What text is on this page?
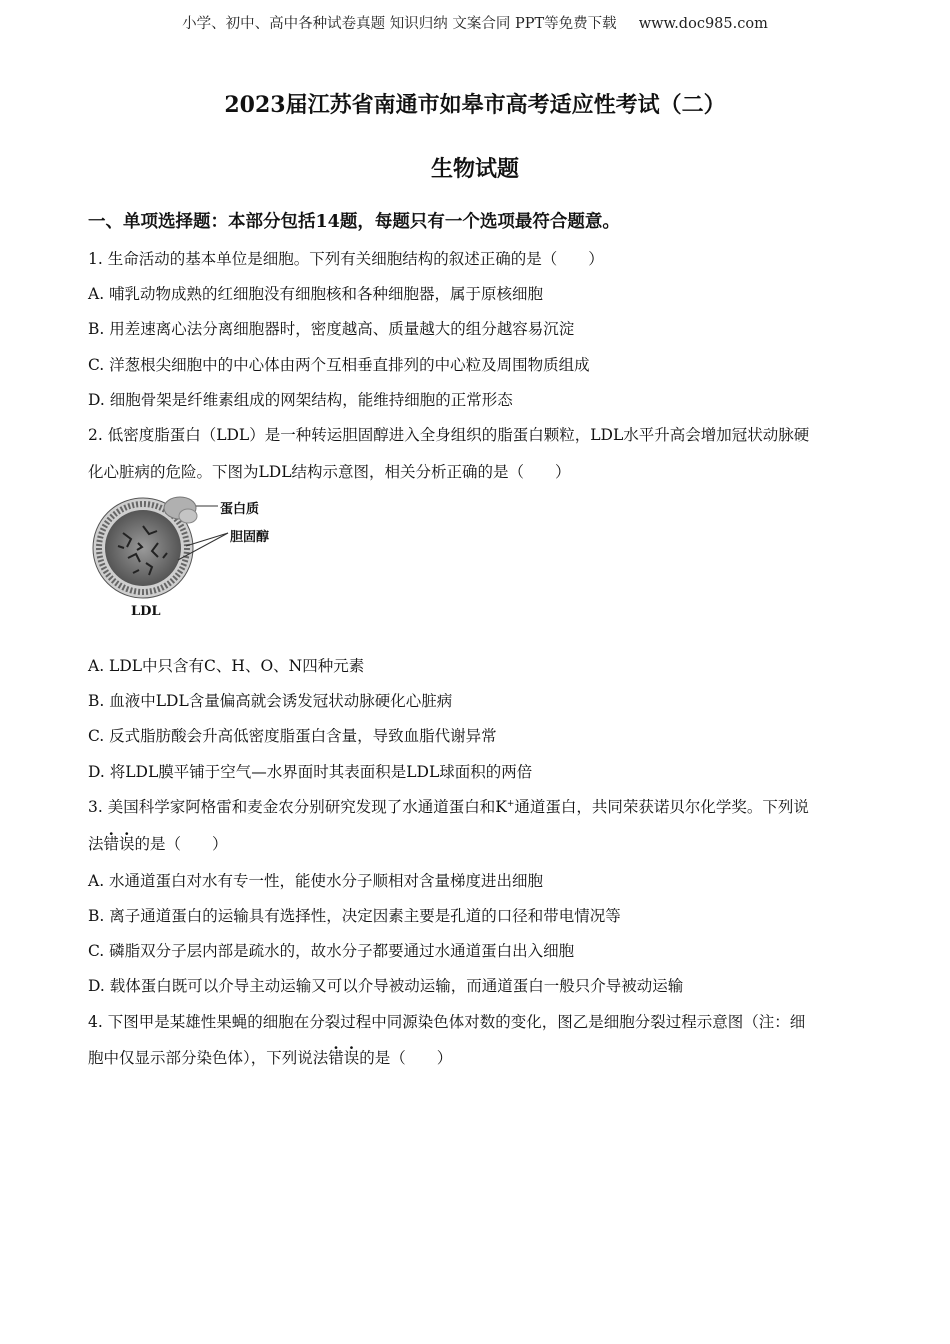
小学、初中、高中各种试卷真题 知识归纳 文案合同 PPT等免费下载 www.doc985.com
2023届江苏省南通市如皋市高考适应性考试（二）
生物试题
一、单项选择题：本部分包括14题，每题只有一个选项最符合题意。
1. 生命活动的基本单位是细胞。下列有关细胞结构的叙述正确的是（　　）
A. 哺乳动物成熟的红细胞没有细胞核和各种细胞器，属于原核细胞
B. 用差速离心法分离细胞器时，密度越高、质量越大的组分越容易沉淀
C. 洋葱根尖细胞中的中心体由两个互相垂直排列的中心粒及周围物质组成
D. 细胞骨架是纤维素组成的网架结构，能维持细胞的正常形态
2. 低密度脂蛋白（LDL）是一种转运胆固醇进入全身组织的脂蛋白颗粒，LDL水平升高会增加冠状动脉硬
化心脏病的危险。下图为LDL结构示意图，相关分析正确的是（　　）
蛋白质
胆固醇
LDL
A. LDL中只含有C、H、O、N四种元素
B. 血液中LDL含量偏高就会诱发冠状动脉硬化心脏病
C. 反式脂肪酸会升高低密度脂蛋白含量，导致血脂代谢异常
D. 将LDL膜平铺于空气—水界面时其表面积是LDL球面积的两倍
3. 美国科学家阿格雷和麦金农分别研究发现了水通道蛋白和K+通道蛋白，共同荣获诺贝尔化学奖。下列说
法错误的是（　　）
A. 水通道蛋白对水有专一性，能使水分子顺相对含量梯度进出细胞
B. 离子通道蛋白的运输具有选择性，决定因素主要是孔道的口径和带电情况等
C. 磷脂双分子层内部是疏水的，故水分子都要通过水通道蛋白出入细胞
D. 载体蛋白既可以介导主动运输又可以介导被动运输，而通道蛋白一般只介导被动运输
4. 下图甲是某雄性果蝇的细胞在分裂过程中同源染色体对数的变化，图乙是细胞分裂过程示意图（注：细
胞中仅显示部分染色体），下列说法错误的是（　　）
